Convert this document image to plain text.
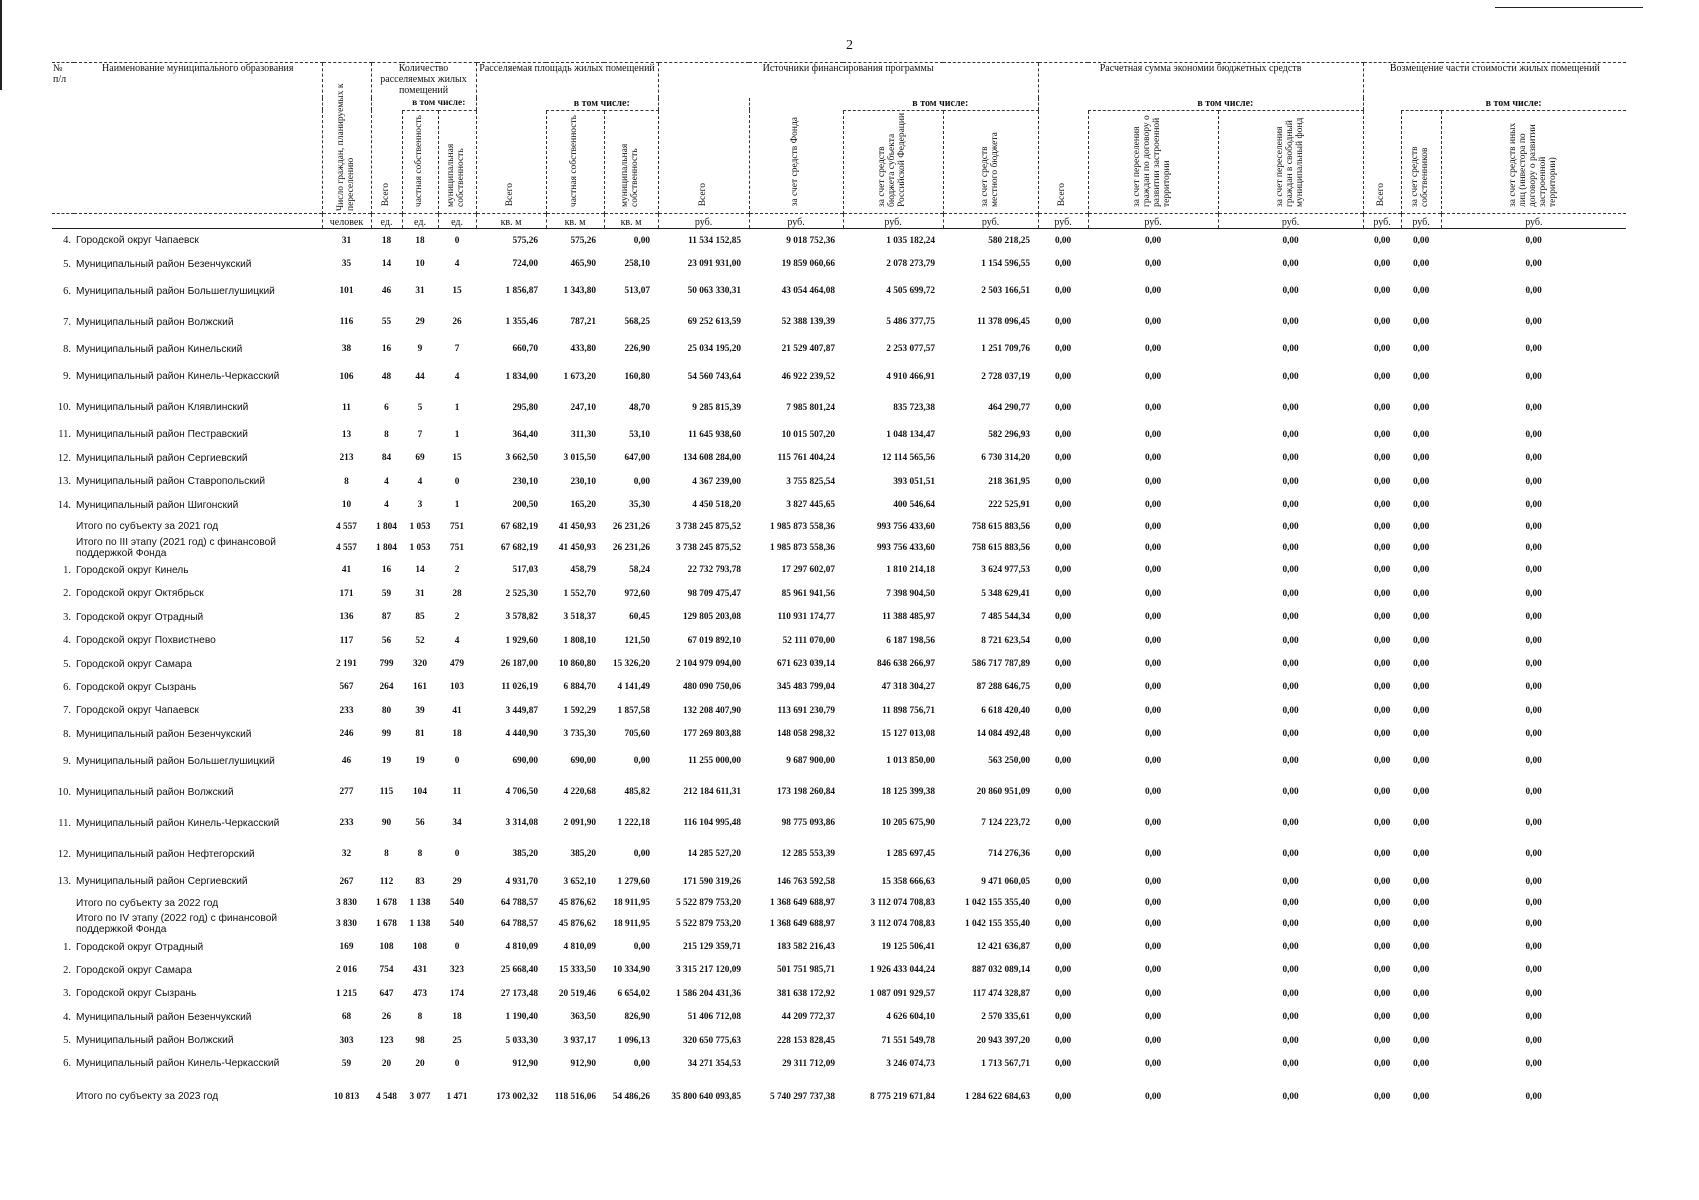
2
№ п/л	Наименование муниципального образования	Число граждан, планируемых к переселению	Количество расселяемых жилых помещений			Расселяемая площадь жилых помещений			Источники финансирования программы				Расчетная сумма экономии бюджетных средств			Возмещение части стоимости жилых помещений		
				в том числе:			в том числе:				в том числе:			в том числе:			в том числе:	

			Всего	частная собственность	муниципальная собственность	Всего	частная собственность	муниципальная собственность	Всего	за счет средств Фонда	за счет средств бюджета субъекта Российской Федерации	за счет средств местного бюджета	Всего	за счет переселения граждан по договору о развитии застроенной территории	за счет переселения граждан в свободный муниципальный фонд	Всего	за счет средств собственников	за счет средств иных лиц (инвестора по договору о развитии застроенной территории)

		человек	ед.	ед.	ед.	кв. м	кв. м	кв. м	руб.	руб.	руб.	руб.	руб.	руб.	руб.	руб.	руб.	руб.
4.	Городской округ Чапаевск	31	18	18	0	575,26	575,26	0,00	11 534 152,85	9 018 752,36	1 035 182,24	580 218,25	0,00	0,00	0,00	0,00	0,00	0,00
5.	Муниципальный район Безенчукский	35	14	10	4	724,00	465,90	258,10	23 091 931,00	19 859 060,66	2 078 273,79	1 154 596,55	0,00	0,00	0,00	0,00	0,00	0,00
6.	Муниципальный район Большеглушицкий	101	46	31	15	1 856,87	1 343,80	513,07	50 063 330,31	43 054 464,08	4 505 699,72	2 503 166,51	0,00	0,00	0,00	0,00	0,00	0,00
7.	Муниципальный район Волжский	116	55	29	26	1 355,46	787,21	568,25	69 252 613,59	52 388 139,39	5 486 377,75	11 378 096,45	0,00	0,00	0,00	0,00	0,00	0,00
8.	Муниципальный район Кинельский	38	16	9	7	660,70	433,80	226,90	25 034 195,20	21 529 407,87	2 253 077,57	1 251 709,76	0,00	0,00	0,00	0,00	0,00	0,00
9.	Муниципальный район Кинель-Черкасский	106	48	44	4	1 834,00	1 673,20	160,80	54 560 743,64	46 922 239,52	4 910 466,91	2 728 037,19	0,00	0,00	0,00	0,00	0,00	0,00
10.	Муниципальный район Клявлинский	11	6	5	1	295,80	247,10	48,70	9 285 815,39	7 985 801,24	835 723,38	464 290,77	0,00	0,00	0,00	0,00	0,00	0,00
11.	Муниципальный район Пестравский	13	8	7	1	364,40	311,30	53,10	11 645 938,60	10 015 507,20	1 048 134,47	582 296,93	0,00	0,00	0,00	0,00	0,00	0,00
12.	Муниципальный район Сергиевский	213	84	69	15	3 662,50	3 015,50	647,00	134 608 284,00	115 761 404,24	12 114 565,56	6 730 314,20	0,00	0,00	0,00	0,00	0,00	0,00
13.	Муниципальный район Ставропольский	8	4	4	0	230,10	230,10	0,00	4 367 239,00	3 755 825,54	393 051,51	218 361,95	0,00	0,00	0,00	0,00	0,00	0,00
14.	Муниципальный район Шигонский	10	4	3	1	200,50	165,20	35,30	4 450 518,20	3 827 445,65	400 546,64	222 525,91	0,00	0,00	0,00	0,00	0,00	0,00
	Итого по субъекту за 2021 год	4 557	1 804	1 053	751	67 682,19	41 450,93	26 231,26	3 738 245 875,52	1 985 873 558,36	993 756 433,60	758 615 883,56	0,00	0,00	0,00	0,00	0,00	0,00
	Итого по III этапу (2021 год) с финансовой поддержкой Фонда	4 557	1 804	1 053	751	67 682,19	41 450,93	26 231,26	3 738 245 875,52	1 985 873 558,36	993 756 433,60	758 615 883,56	0,00	0,00	0,00	0,00	0,00	0,00
1.	Городской округ Кинель	41	16	14	2	517,03	458,79	58,24	22 732 793,78	17 297 602,07	1 810 214,18	3 624 977,53	0,00	0,00	0,00	0,00	0,00	0,00
2.	Городской округ Октябрьск	171	59	31	28	2 525,30	1 552,70	972,60	98 709 475,47	85 961 941,56	7 398 904,50	5 348 629,41	0,00	0,00	0,00	0,00	0,00	0,00
3.	Городской округ Отрадный	136	87	85	2	3 578,82	3 518,37	60,45	129 805 203,08	110 931 174,77	11 388 485,97	7 485 544,34	0,00	0,00	0,00	0,00	0,00	0,00
4.	Городской округ Похвистнево	117	56	52	4	1 929,60	1 808,10	121,50	67 019 892,10	52 111 070,00	6 187 198,56	8 721 623,54	0,00	0,00	0,00	0,00	0,00	0,00
5.	Городской округ Самара	2 191	799	320	479	26 187,00	10 860,80	15 326,20	2 104 979 094,00	671 623 039,14	846 638 266,97	586 717 787,89	0,00	0,00	0,00	0,00	0,00	0,00
6.	Городской округ Сызрань	567	264	161	103	11 026,19	6 884,70	4 141,49	480 090 750,06	345 483 799,04	47 318 304,27	87 288 646,75	0,00	0,00	0,00	0,00	0,00	0,00
7.	Городской округ Чапаевск	233	80	39	41	3 449,87	1 592,29	1 857,58	132 208 407,90	113 691 230,79	11 898 756,71	6 618 420,40	0,00	0,00	0,00	0,00	0,00	0,00
8.	Муниципальный район Безенчукский	246	99	81	18	4 440,90	3 735,30	705,60	177 269 803,88	148 058 298,32	15 127 013,08	14 084 492,48	0,00	0,00	0,00	0,00	0,00	0,00
9.	Муниципальный район Большеглушицкий	46	19	19	0	690,00	690,00	0,00	11 255 000,00	9 687 900,00	1 013 850,00	563 250,00	0,00	0,00	0,00	0,00	0,00	0,00
10.	Муниципальный район Волжский	277	115	104	11	4 706,50	4 220,68	485,82	212 184 611,31	173 198 260,84	18 125 399,38	20 860 951,09	0,00	0,00	0,00	0,00	0,00	0,00
11.	Муниципальный район Кинель-Черкасский	233	90	56	34	3 314,08	2 091,90	1 222,18	116 104 995,48	98 775 093,86	10 205 675,90	7 124 223,72	0,00	0,00	0,00	0,00	0,00	0,00
12.	Муниципальный район Нефтегорский	32	8	8	0	385,20	385,20	0,00	14 285 527,20	12 285 553,39	1 285 697,45	714 276,36	0,00	0,00	0,00	0,00	0,00	0,00
13.	Муниципальный район Сергиевский	267	112	83	29	4 931,70	3 652,10	1 279,60	171 590 319,26	146 763 592,58	15 358 666,63	9 471 060,05	0,00	0,00	0,00	0,00	0,00	0,00
	Итого по субъекту за 2022 год	3 830	1 678	1 138	540	64 788,57	45 876,62	18 911,95	5 522 879 753,20	1 368 649 688,97	3 112 074 708,83	1 042 155 355,40	0,00	0,00	0,00	0,00	0,00	0,00
	Итого по IV этапу (2022 год) с финансовой поддержкой Фонда	3 830	1 678	1 138	540	64 788,57	45 876,62	18 911,95	5 522 879 753,20	1 368 649 688,97	3 112 074 708,83	1 042 155 355,40	0,00	0,00	0,00	0,00	0,00	0,00
1.	Городской округ Отрадный	169	108	108	0	4 810,09	4 810,09	0,00	215 129 359,71	183 582 216,43	19 125 506,41	12 421 636,87	0,00	0,00	0,00	0,00	0,00	0,00
2.	Городской округ Самара	2 016	754	431	323	25 668,40	15 333,50	10 334,90	3 315 217 120,09	501 751 985,71	1 926 433 044,24	887 032 089,14	0,00	0,00	0,00	0,00	0,00	0,00
3.	Городской округ Сызрань	1 215	647	473	174	27 173,48	20 519,46	6 654,02	1 586 204 431,36	381 638 172,92	1 087 091 929,57	117 474 328,87	0,00	0,00	0,00	0,00	0,00	0,00
4.	Муниципальный район Безенчукский	68	26	8	18	1 190,40	363,50	826,90	51 406 712,08	44 209 772,37	4 626 604,10	2 570 335,61	0,00	0,00	0,00	0,00	0,00	0,00
5.	Муниципальный район Волжский	303	123	98	25	5 033,30	3 937,17	1 096,13	320 650 775,63	228 153 828,45	71 551 549,78	20 943 397,20	0,00	0,00	0,00	0,00	0,00	0,00
6.	Муниципальный район Кинель-Черкасский	59	20	20	0	912,90	912,90	0,00	34 271 354,53	29 311 712,09	3 246 074,73	1 713 567,71	0,00	0,00	0,00	0,00	0,00	0,00
	Итого по субъекту за 2023 год	10 813	4 548	3 077	1 471	173 002,32	118 516,06	54 486,26	35 800 640 093,85	5 740 297 737,38	8 775 219 671,84	1 284 622 684,63	0,00	0,00	0,00	0,00	0,00	0,00
